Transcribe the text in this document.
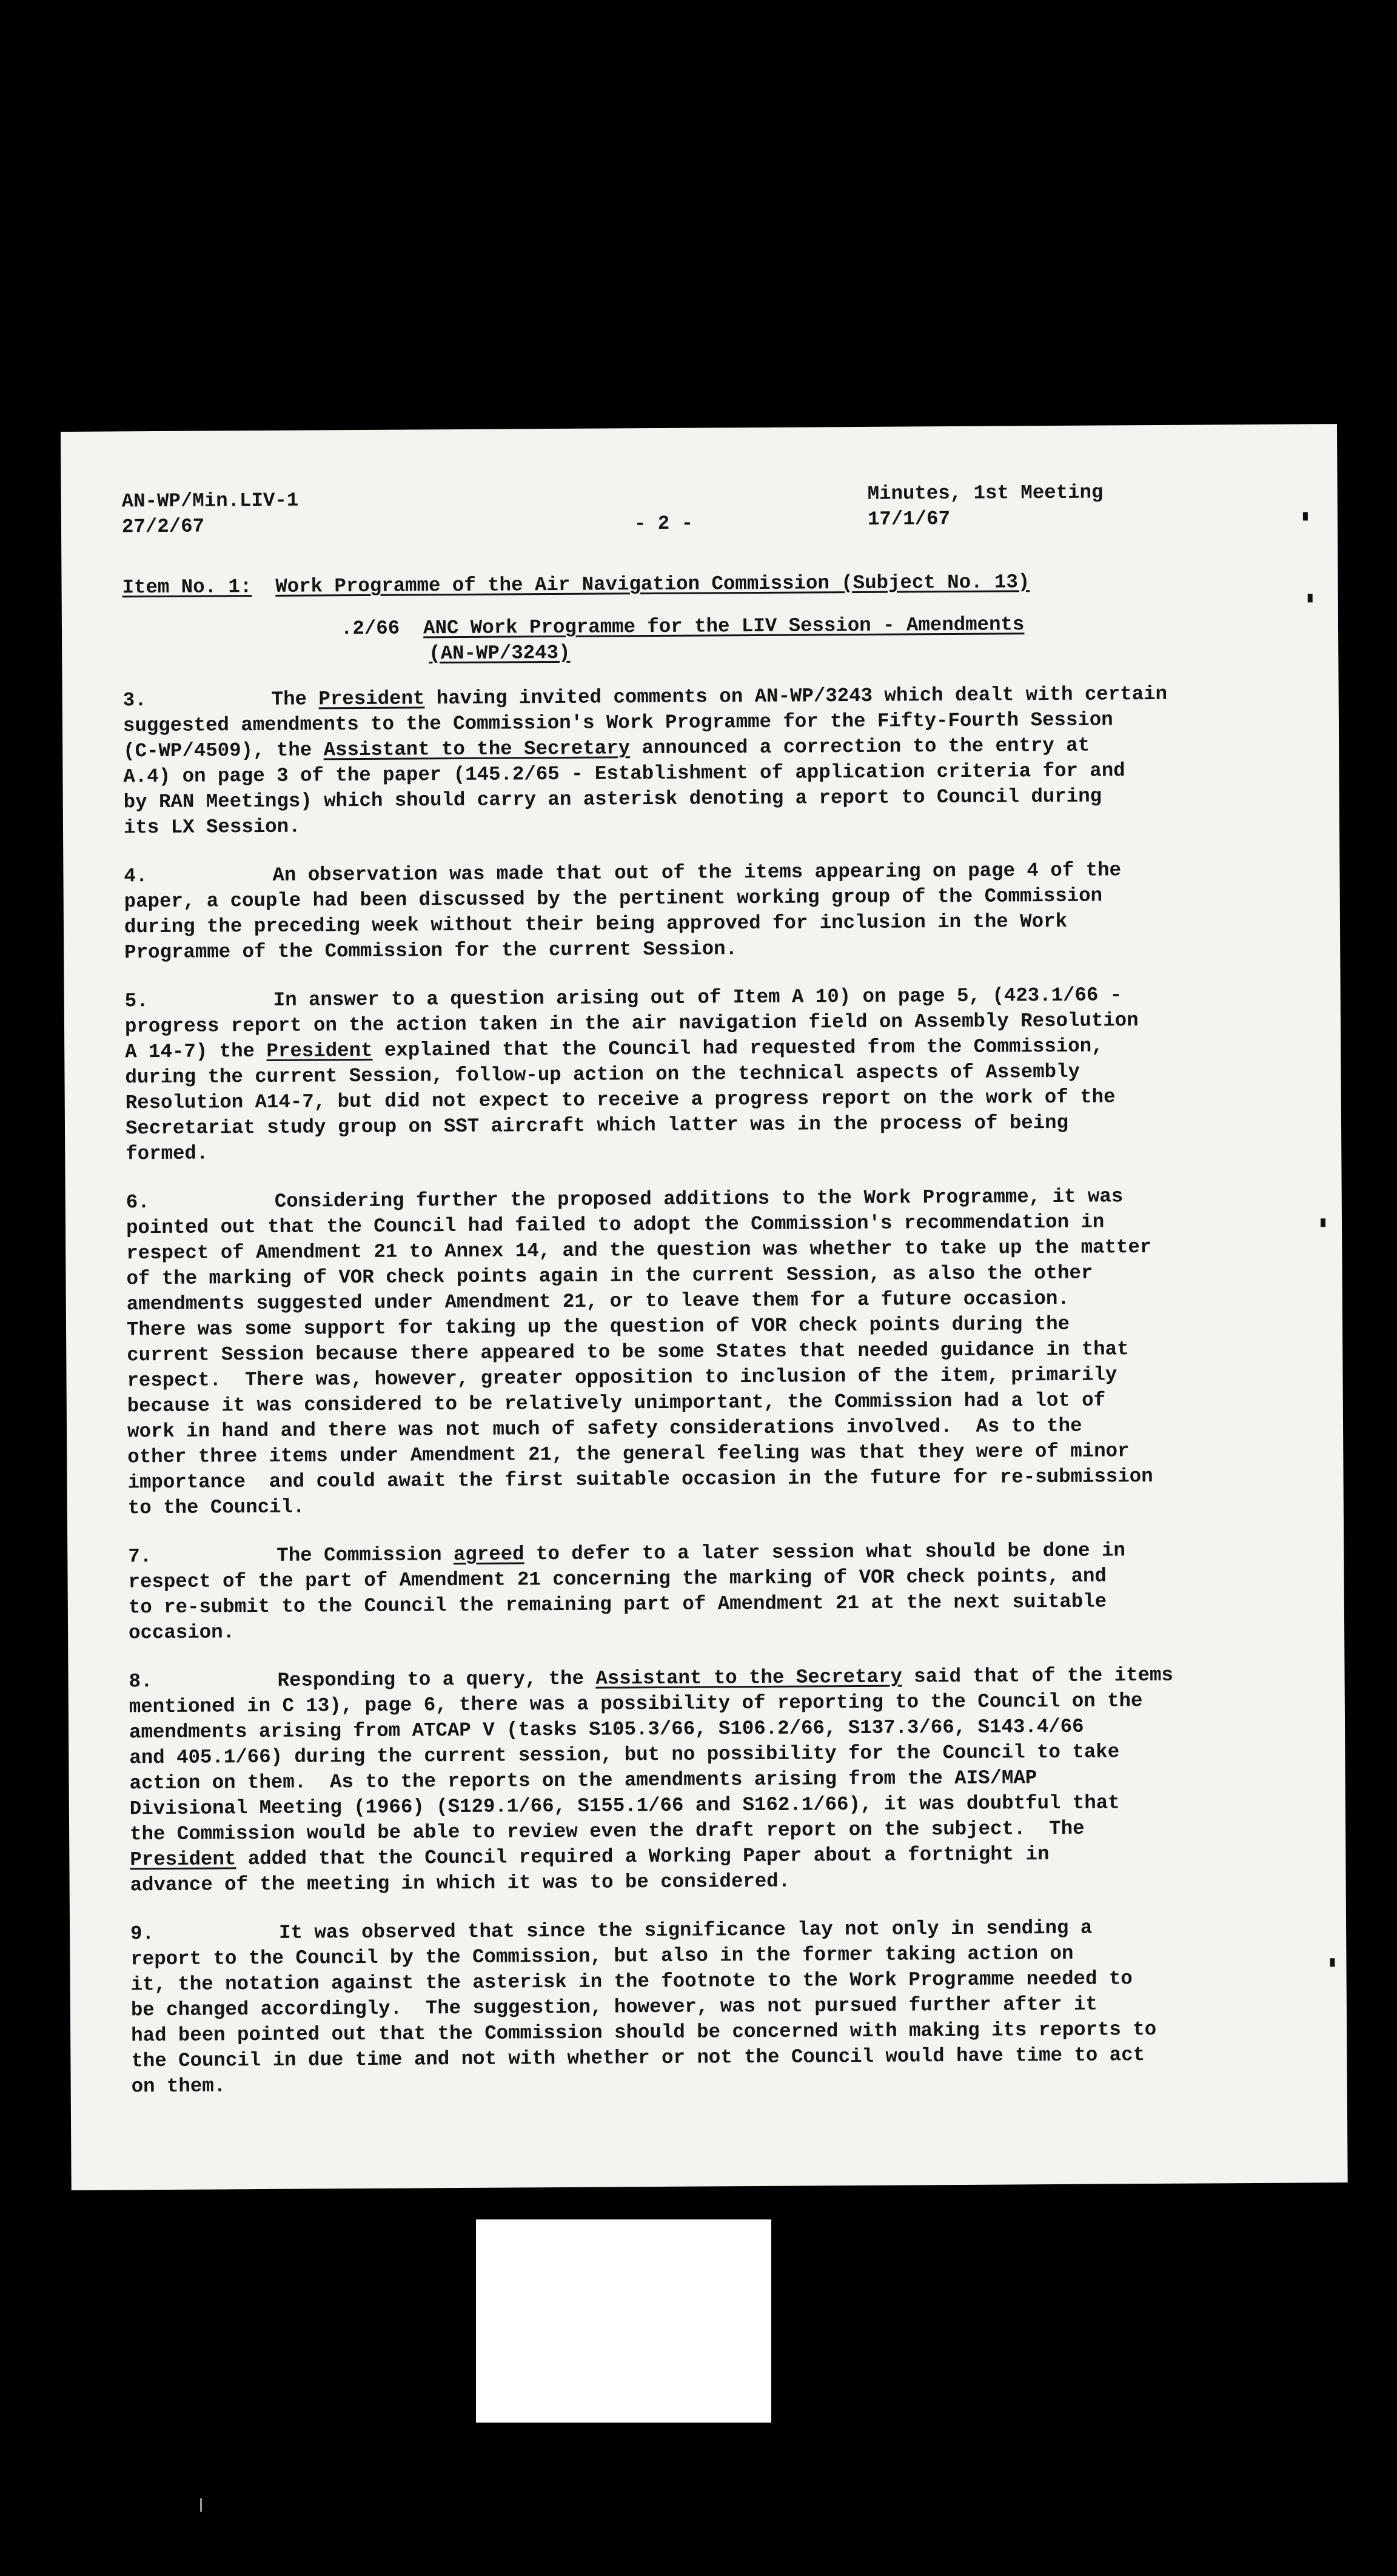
AN-WP/Min.LIV-1
27/2/67	- 2 -
Minutes, 1st Meeting
17/1/67
Item No. 1: Work Programme of the Air Navigation Commission (Subject No. 13)
.2/66 ANC Work Programme for the LIV Session - Amendments
(AN-WP/3243)
3.	The President having invited comments on AN-WP/3243 which dealt with certain
suggested amendments to the Commission's Work Programme for the Fifty-Fourth Session
(C-WP/4509), the Assistant to the Secretary announced a correction to the entry at
A.4) on page 3 of the paper (145.2/65 - Establishment of application criteria for and
by RAN Meetings) which should carry an asterisk denoting a report to Council during
its LX Session.
4.	An observation was made that out of the items appearing on page 4 of the
paper, a couple had been discussed by the pertinent working group of the Commission
during the preceding week without their being approved for inclusion in the Work
Programme of the Commission for the current Session.
5.	In answer to a question arising out of Item A 10) on page 5, (423.1/66 -
progress report on the action taken in the air navigation field on Assembly Resolution
A 14-7) the President explained that the Council had requested from the Commission,
during the current Session, follow-up action on the technical aspects of Assembly
Resolution A14-7, but did not expect to receive a progress report on the work of the
Secretariat study group on SST aircraft which latter was in the process of being
formed.
6.	Considering further the proposed additions to the Work Programme, it was
pointed out that the Council had failed to adopt the Commission's recommendation in
respect of Amendment 21 to Annex 14, and the question was whether to take up the matter
of the marking of VOR check points again in the current Session, as also the other
amendments suggested under Amendment 21, or to leave them for a future occasion.
There was some support for taking up the question of VOR check points during the
current Session because there appeared to be some States that needed guidance in that
respect.  There was, however, greater opposition to inclusion of the item, primarily
because it was considered to be relatively unimportant, the Commission had a lot of
work in hand and there was not much of safety considerations involved.  As to the
other three items under Amendment 21, the general feeling was that they were of minor
importance  and could await the first suitable occasion in the future for re-submission
to the Council.
7.	The Commission agreed to defer to a later session what should be done in
respect of the part of Amendment 21 concerning the marking of VOR check points, and
to re-submit to the Council the remaining part of Amendment 21 at the next suitable
occasion.
8.	Responding to a query, the Assistant to the Secretary said that of the items
mentioned in C 13), page 6, there was a possibility of reporting to the Council on the
amendments arising from ATCAP V (tasks S105.3/66, S106.2/66, S137.3/66, S143.4/66
and 405.1/66) during the current session, but no possibility for the Council to take
action on them.  As to the reports on the amendments arising from the AIS/MAP
Divisional Meeting (1966) (S129.1/66, S155.1/66 and S162.1/66), it was doubtful that
the Commission would be able to review even the draft report on the subject.  The
President added that the Council required a Working Paper about a fortnight in
advance of the meeting in which it was to be considered.
9.	It was observed that since the significance lay not only in sending a
report to the Council by the Commission, but also in the former taking action on
it, the notation against the asterisk in the footnote to the Work Programme needed to
be changed accordingly.  The suggestion, however, was not pursued further after it
had been pointed out that the Commission should be concerned with making its reports to
the Council in due time and not with whether or not the Council would have time to act
on them.
